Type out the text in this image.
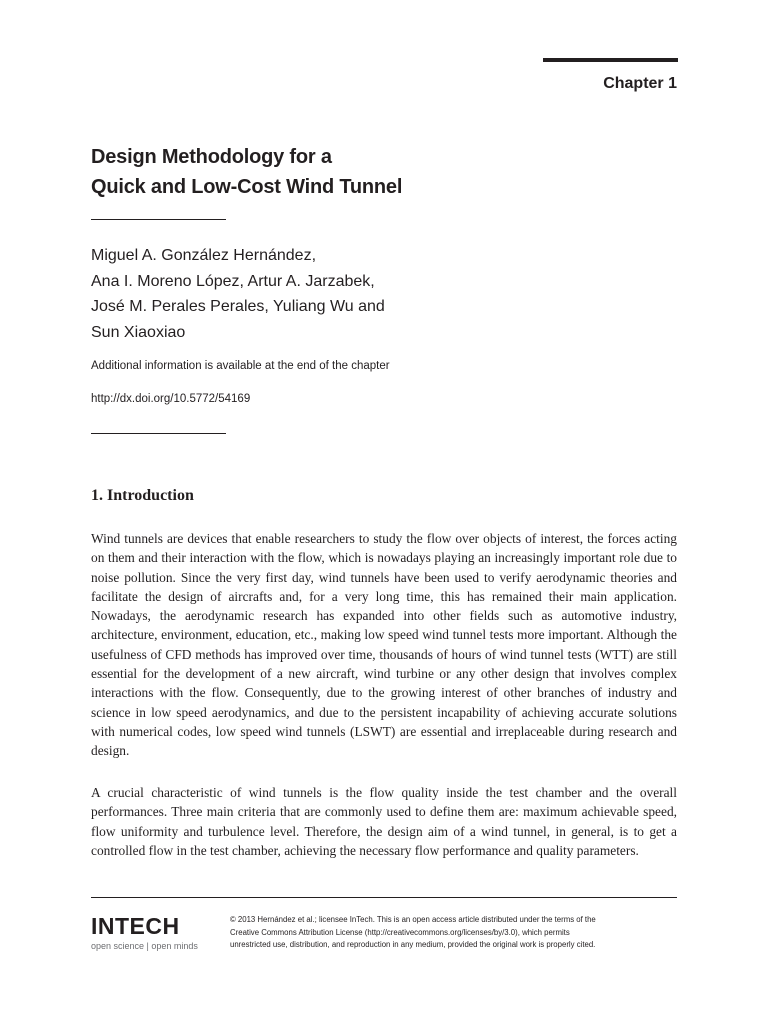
Chapter 1
Design Methodology for a
Quick and Low-Cost Wind Tunnel
Miguel A. González Hernández,
Ana I. Moreno López, Artur A. Jarzabek,
José M. Perales Perales, Yuliang Wu and
Sun Xiaoxiao
Additional information is available at the end of the chapter
http://dx.doi.org/10.5772/54169
1. Introduction

Wind tunnels are devices that enable researchers to study the flow over objects of interest, the forces acting on them and their interaction with the flow, which is nowadays playing an increasingly important role due to noise pollution. Since the very first day, wind tunnels have been used to verify aerodynamic theories and facilitate the design of aircrafts and, for a very long time, this has remained their main application. Nowadays, the aerodynamic research has expanded into other fields such as automotive industry, architecture, environment, education, etc., making low speed wind tunnel tests more important. Although the usefulness of CFD methods has improved over time, thousands of hours of wind tunnel tests (WTT) are still essential for the development of a new aircraft, wind turbine or any other design that involves complex interactions with the flow. Consequently, due to the growing interest of other branches of industry and science in low speed aerodynamics, and due to the persistent incapability of achieving accurate solutions with numerical codes, low speed wind tunnels (LSWT) are essential and irreplaceable during research and design.

A crucial characteristic of wind tunnels is the flow quality inside the test chamber and the overall performances. Three main criteria that are commonly used to define them are: maximum achievable speed, flow uniformity and turbulence level. Therefore, the design aim of a wind tunnel, in general, is to get a controlled flow in the test chamber, achieving the necessary flow performance and quality parameters.

INTECH
open science | open minds
© 2013 Hernández et al.; licensee InTech. This is an open access article distributed under the terms of the
Creative Commons Attribution License (http://creativecommons.org/licenses/by/3.0), which permits
unrestricted use, distribution, and reproduction in any medium, provided the original work is properly cited.
